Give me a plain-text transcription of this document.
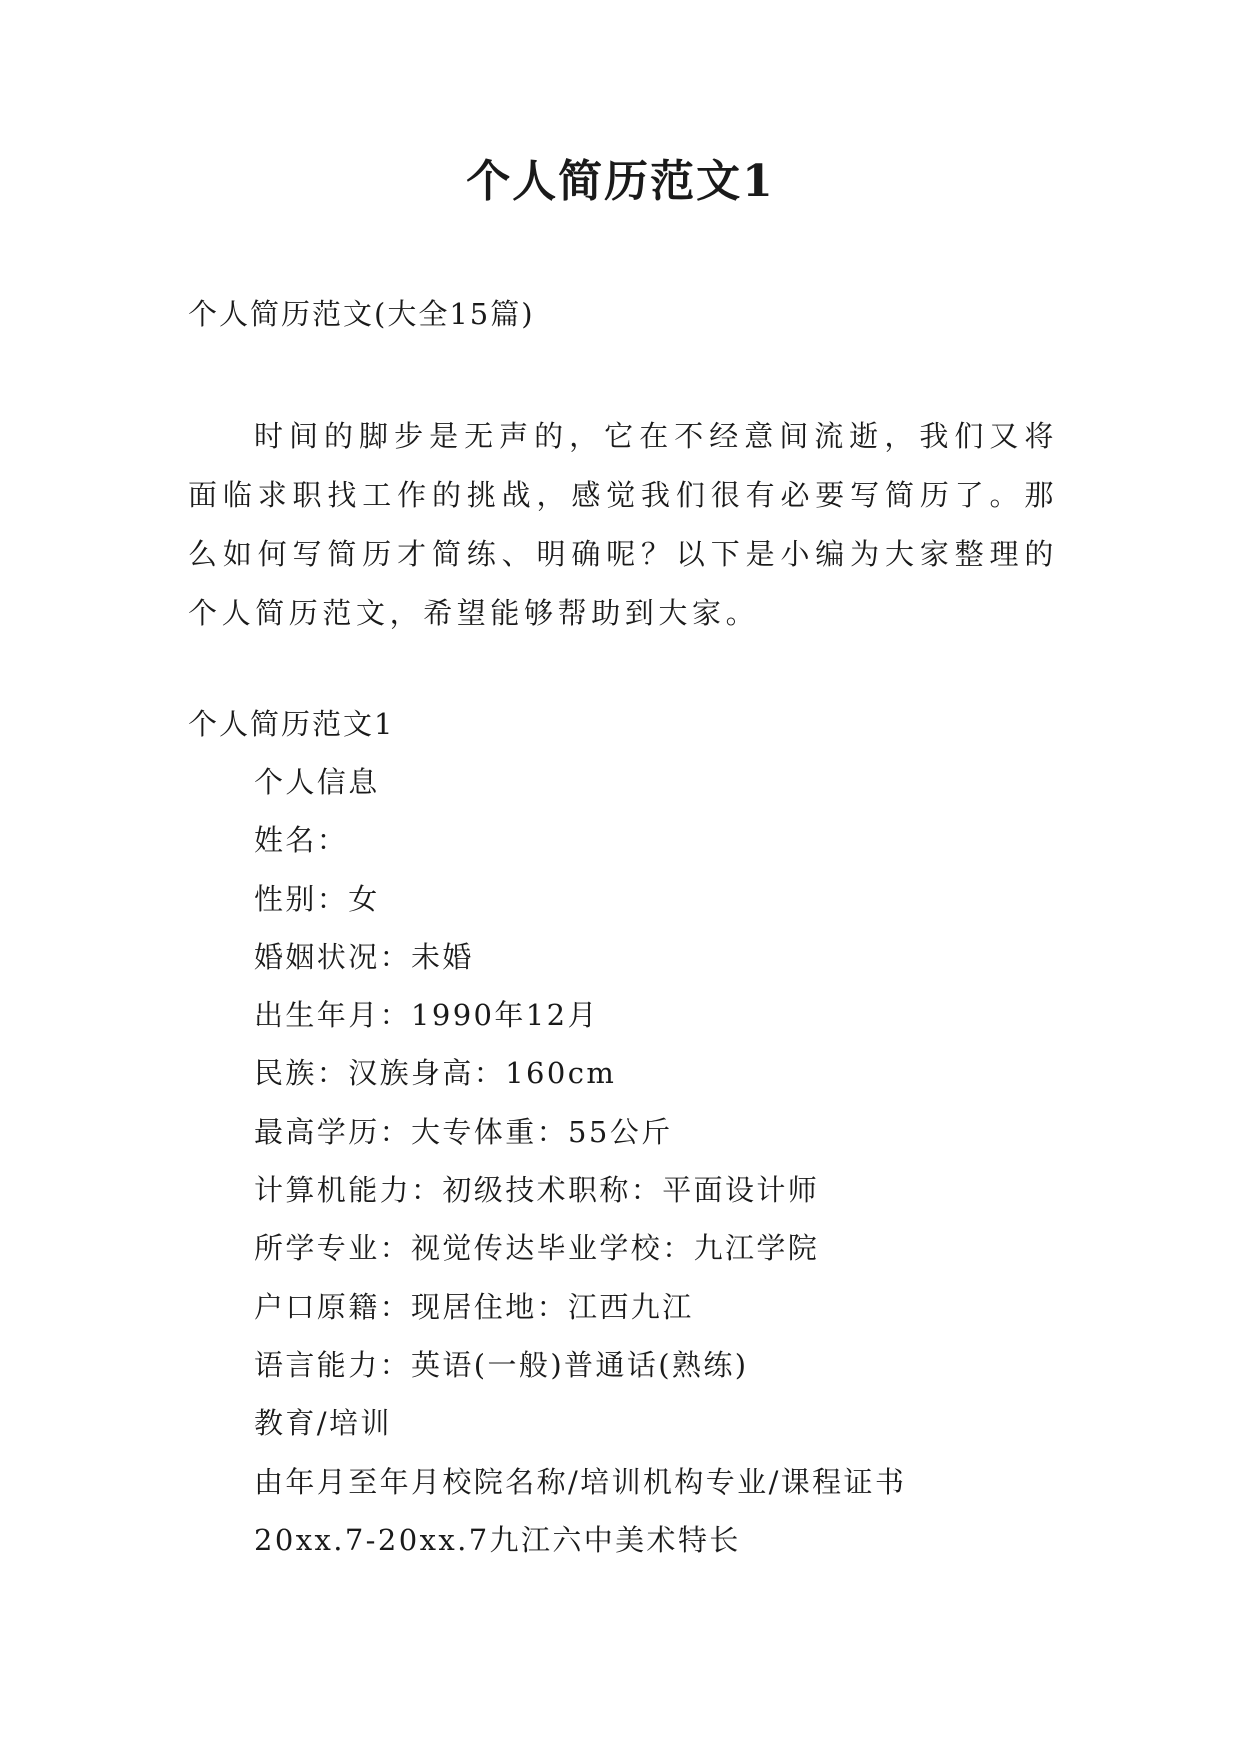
个人简历范文1

个人简历范文(大全15篇)

时间的脚步是无声的，它在不经意间流逝，我们又将面临求职找工作的挑战，感觉我们很有必要写简历了。那么如何写简历才简练、明确呢？以下是小编为大家整理的个人简历范文，希望能够帮助到大家。

个人简历范文1

个人信息
姓名：
性别：女
婚姻状况：未婚
出生年月：1990年12月
民族：汉族身高：160cm
最高学历：大专体重：55公斤
计算机能力：初级技术职称：平面设计师
所学专业：视觉传达毕业学校：九江学院
户口原籍：现居住地：江西九江
语言能力：英语(一般)普通话(熟练)
教育/培训
由年月至年月校院名称/培训机构专业/课程证书
20xx.7-20xx.7九江六中美术特长
